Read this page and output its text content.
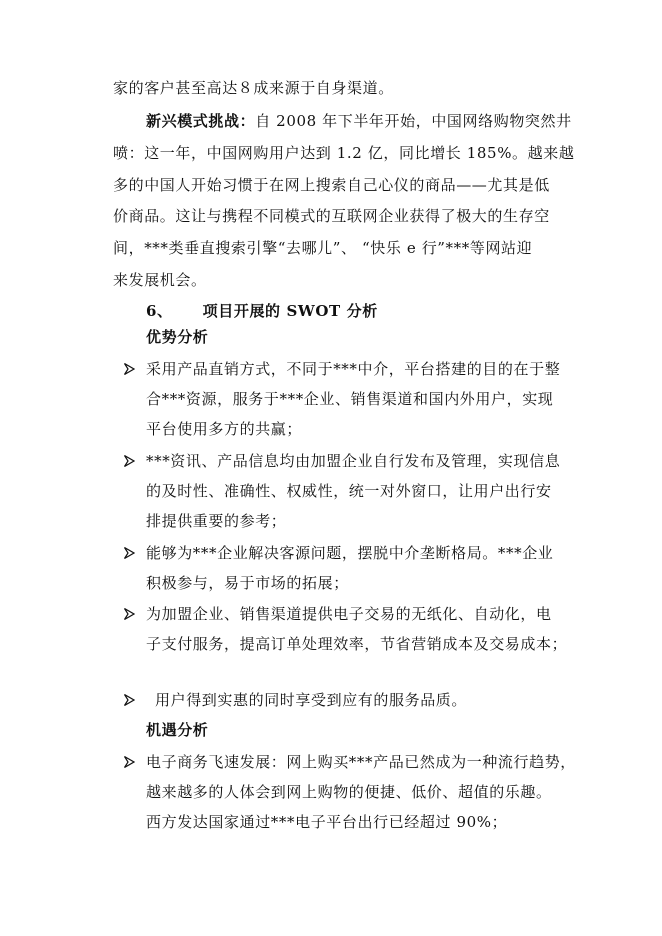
家的客户甚至高达８成来源于自身渠道。
新兴模式挑战：自 2008 年下半年开始，中国网络购物突然井
喷：这一年，中国网购用户达到 1.2 亿，同比增长 185%。越来越
多的中国人开始习惯于在网上搜索自己心仪的商品——尤其是低
价商品。这让与携程不同模式的互联网企业获得了极大的生存空
间，***类垂直搜索引擎“去哪儿”、 “快乐 e 行”***等网站迎
来发展机会。
6、 项目开展的 SWOT 分析
优势分析
采用产品直销方式，不同于***中介，平台搭建的目的在于整
合***资源，服务于***企业、销售渠道和国内外用户，实现
平台使用多方的共赢；
***资讯、产品信息均由加盟企业自行发布及管理，实现信息
的及时性、准确性、权威性，统一对外窗口，让用户出行安
排提供重要的参考；
能够为***企业解决客源问题，摆脱中介垄断格局。***企业
积极参与，易于市场的拓展；
为加盟企业、销售渠道提供电子交易的无纸化、自动化，电
子支付服务，提高订单处理效率，节省营销成本及交易成本；
用户得到实惠的同时享受到应有的服务品质。
机遇分析
电子商务飞速发展：网上购买***产品已然成为一种流行趋势，
越来越多的人体会到网上购物的便捷、低价、超值的乐趣。
西方发达国家通过***电子平台出行已经超过 90%；
